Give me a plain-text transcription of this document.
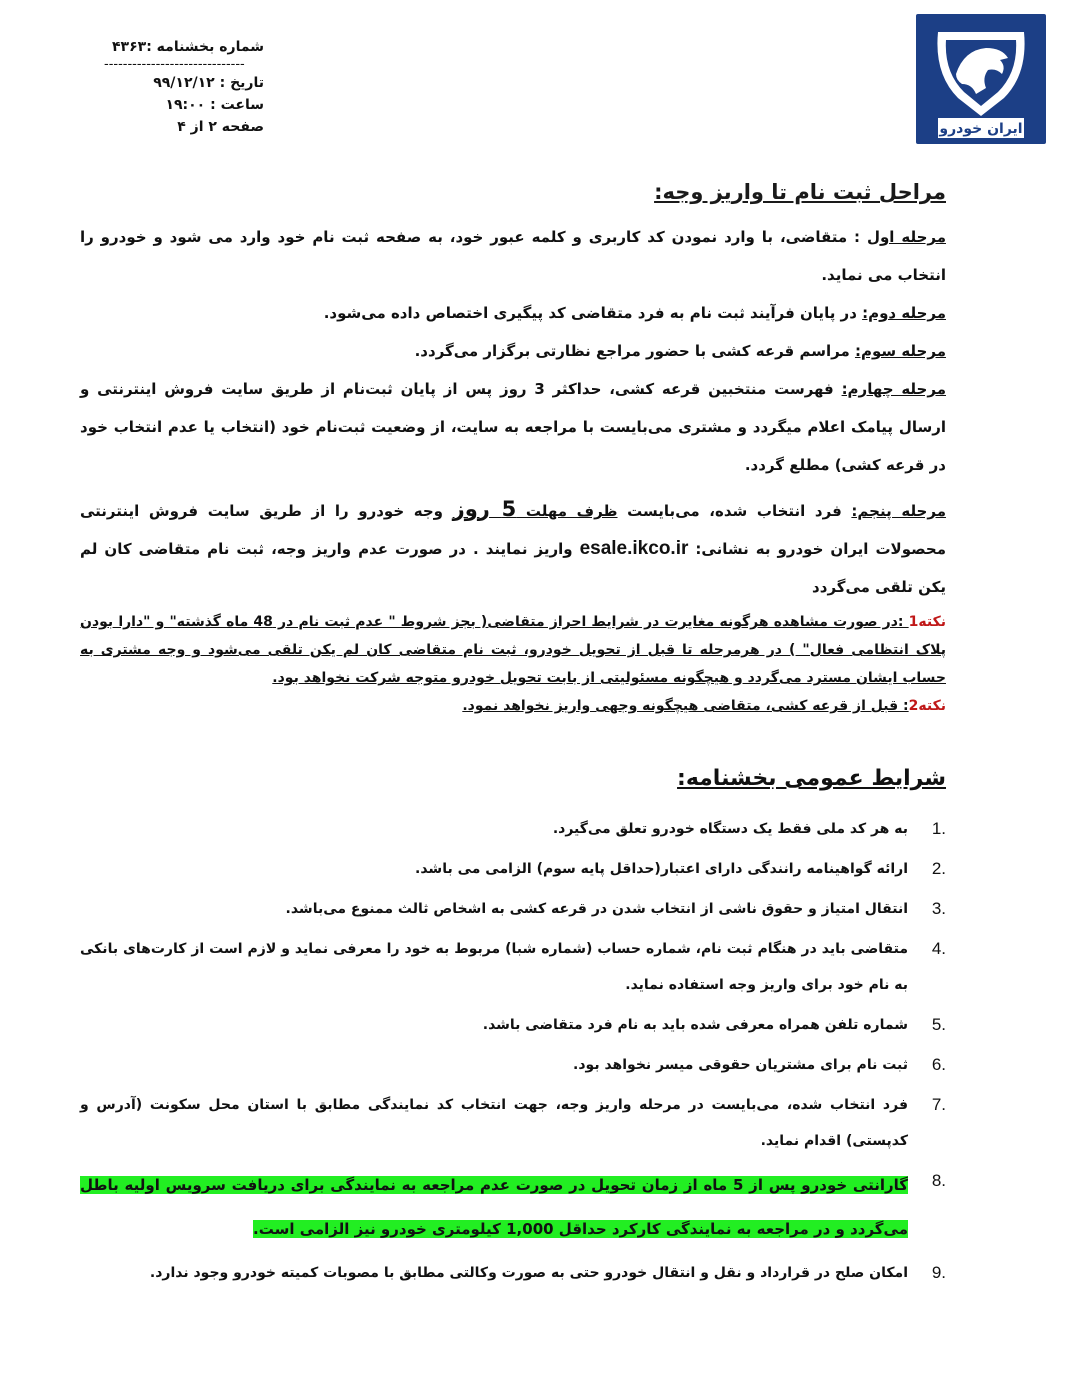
شماره بخشنامه :۴۳۶۳
------------------------------
تاریخ : ۹۹/۱۲/۱۲
ساعت : ۱۹:۰۰
صفحه ۲ از ۴	ایران خودرو
مراحل ثبت نام تا واریز وجه:

مرحله اول : متقاضی، با وارد نمودن کد کاربری و کلمه عبور خود، به صفحه ثبت نام خود وارد می شود و خودرو را انتخاب می نماید.

مرحله دوم: در پایان فرآیند ثبت نام به فرد متقاضی کد پیگیری اختصاص داده می‌شود.

مرحله سوم: مراسم قرعه کشی با حضور مراجع نظارتی برگزار می‌گردد.

مرحله چهارم: فهرست منتخبین قرعه کشی، حداکثر 3 روز پس از پایان ثبت‌نام از طریق سایت فروش اینترنتی و ارسال پیامک اعلام میگردد و مشتری می‌بایست با مراجعه به سایت، از وضعیت ثبت‌نام خود (انتخاب یا عدم انتخاب خود در قرعه کشی) مطلع گردد.

مرحله پنجم: فرد انتخاب شده، می‌بایست ظرف مهلت 5 روز وجه خودرو را از طریق سایت فروش اینترنتی محصولات ایران خودرو به نشانی: esale.ikco.ir واریز نمایند . در صورت عدم واریز وجه، ثبت نام متقاضی کان لم یکن تلقی می‌گردد

نکته1 :در صورت مشاهده هرگونه مغایرت در شرایط احراز متقاضی( بجز شروط " عدم ثبت نام در 48 ماه گذشته" و "دارا بودن پلاک انتظامی فعال" ) در هرمرحله تا قبل از تحویل خودرو، ثبت نام متقاضی کان لم یکن تلقی می‌شود و وجه مشتری به حساب ایشان مسترد می‌گردد و هیچگونه مسئولیتی از بابت تحویل خودرو متوجه شرکت نخواهد بود.

نکته2: قبل از قرعه کشی، متقاضی هیچگونه وجهی واریز نخواهد نمود.

شرایط عمومی بخشنامه:
1.
به هر کد ملی فقط یک دستگاه خودرو تعلق می‌گیرد.
2.
ارائه گواهینامه رانندگی دارای اعتبار(حداقل پایه سوم) الزامی می باشد.
3.
انتقال امتیاز و حقوق ناشی از انتخاب شدن در قرعه کشی به اشخاص ثالث ممنوع می‌باشد.
4.
متقاضی باید در هنگام ثبت نام، شماره حساب (شماره شبا) مربوط به خود را معرفی نماید و لازم است از کارت‌های بانکی به نام خود برای واریز وجه استفاده نماید.
5.
شماره تلفن همراه معرفی شده باید به نام فرد متقاضی باشد.
6.
ثبت نام برای مشتریان حقوقی میسر نخواهد بود.
7.
فرد انتخاب شده، می‌بایست در مرحله واریز وجه، جهت انتخاب کد نمایندگی مطابق با استان محل سکونت (آدرس و کدپستی) اقدام نماید.
8.
گارانتی خودرو پس از 5 ماه از زمان تحویل در صورت عدم مراجعه به نمایندگی برای دریافت سرویس اولیه باطل می‌گردد و در مراجعه به نمایندگی کارکرد حداقل 1,000 کیلومتری خودرو نیز الزامی است.
9.
امکان صلح در قرارداد و نقل و انتقال خودرو حتی به صورت وکالتی مطابق با مصوبات کمیته خودرو وجود ندارد.
